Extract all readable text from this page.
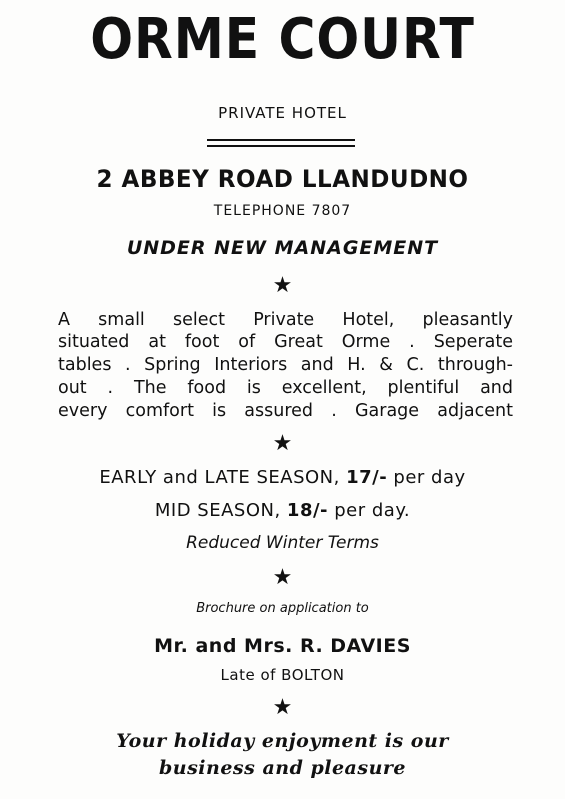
ORME COURT
PRIVATE HOTEL
2 ABBEY ROAD LLANDUDNO
TELEPHONE 7807
UNDER NEW MANAGEMENT
★
A small select Private Hotel, pleasantly
situated at foot of Great Orme . Seperate
tables . Spring Interiors and H. & C. through-
out . The food is excellent, plentiful and
every comfort is assured . Garage adjacent
★
EARLY and LATE SEASON, 17/- per day
MID SEASON, 18/- per day.
Reduced Winter Terms
★
Brochure on application to
Mr. and Mrs. R. DAVIES
Late of BOLTON
★
Your holiday enjoyment is our
business and pleasure
